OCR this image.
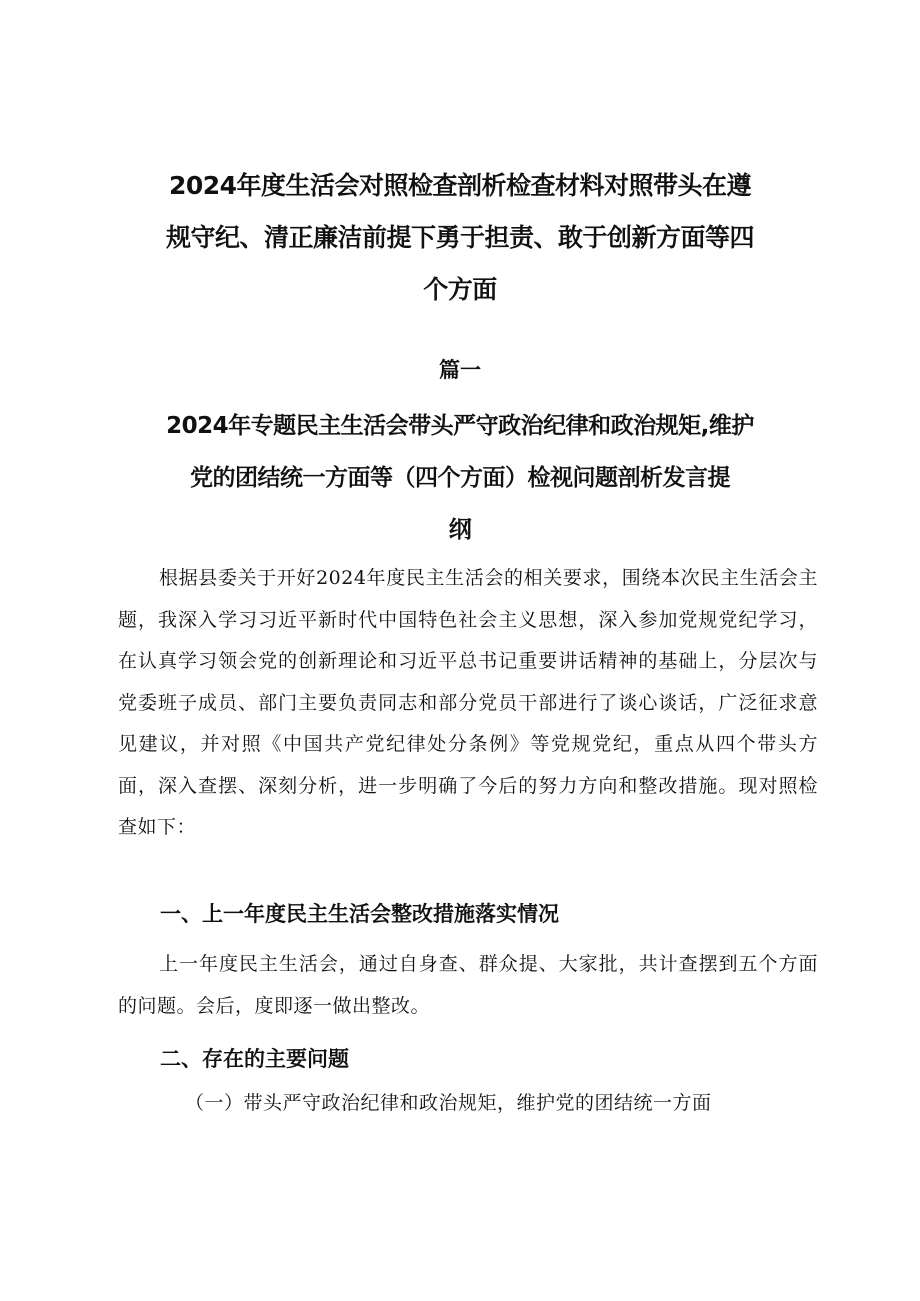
2024年度生活会对照检查剖析检查材料对照带头在遵
规守纪、清正廉洁前提下勇于担责、敢于创新方面等四
个方面
篇一
2024年专题民主生活会带头严守政治纪律和政治规矩,维护
党的团结统一方面等（四个方面）检视问题剖析发言提
纲
根据县委关于开好2024年度民主生活会的相关要求，围绕本次民主生活会主题，我深入学习习近平新时代中国特色社会主义思想，深入参加党规党纪学习，在认真学习领会党的创新理论和习近平总书记重要讲话精神的基础上，分层次与党委班子成员、部门主要负责同志和部分党员干部进行了谈心谈话，广泛征求意见建议，并对照《中国共产党纪律处分条例》等党规党纪，重点从四个带头方面，深入查摆、深刻分析，进一步明确了今后的努力方向和整改措施。现对照检查如下：
一、上一年度民主生活会整改措施落实情况
上一年度民主生活会，通过自身查、群众提、大家批，共计查摆到五个方面的问题。会后，度即逐一做出整改。
二、存在的主要问题
（一）带头严守政治纪律和政治规矩，维护党的团结统一方面
